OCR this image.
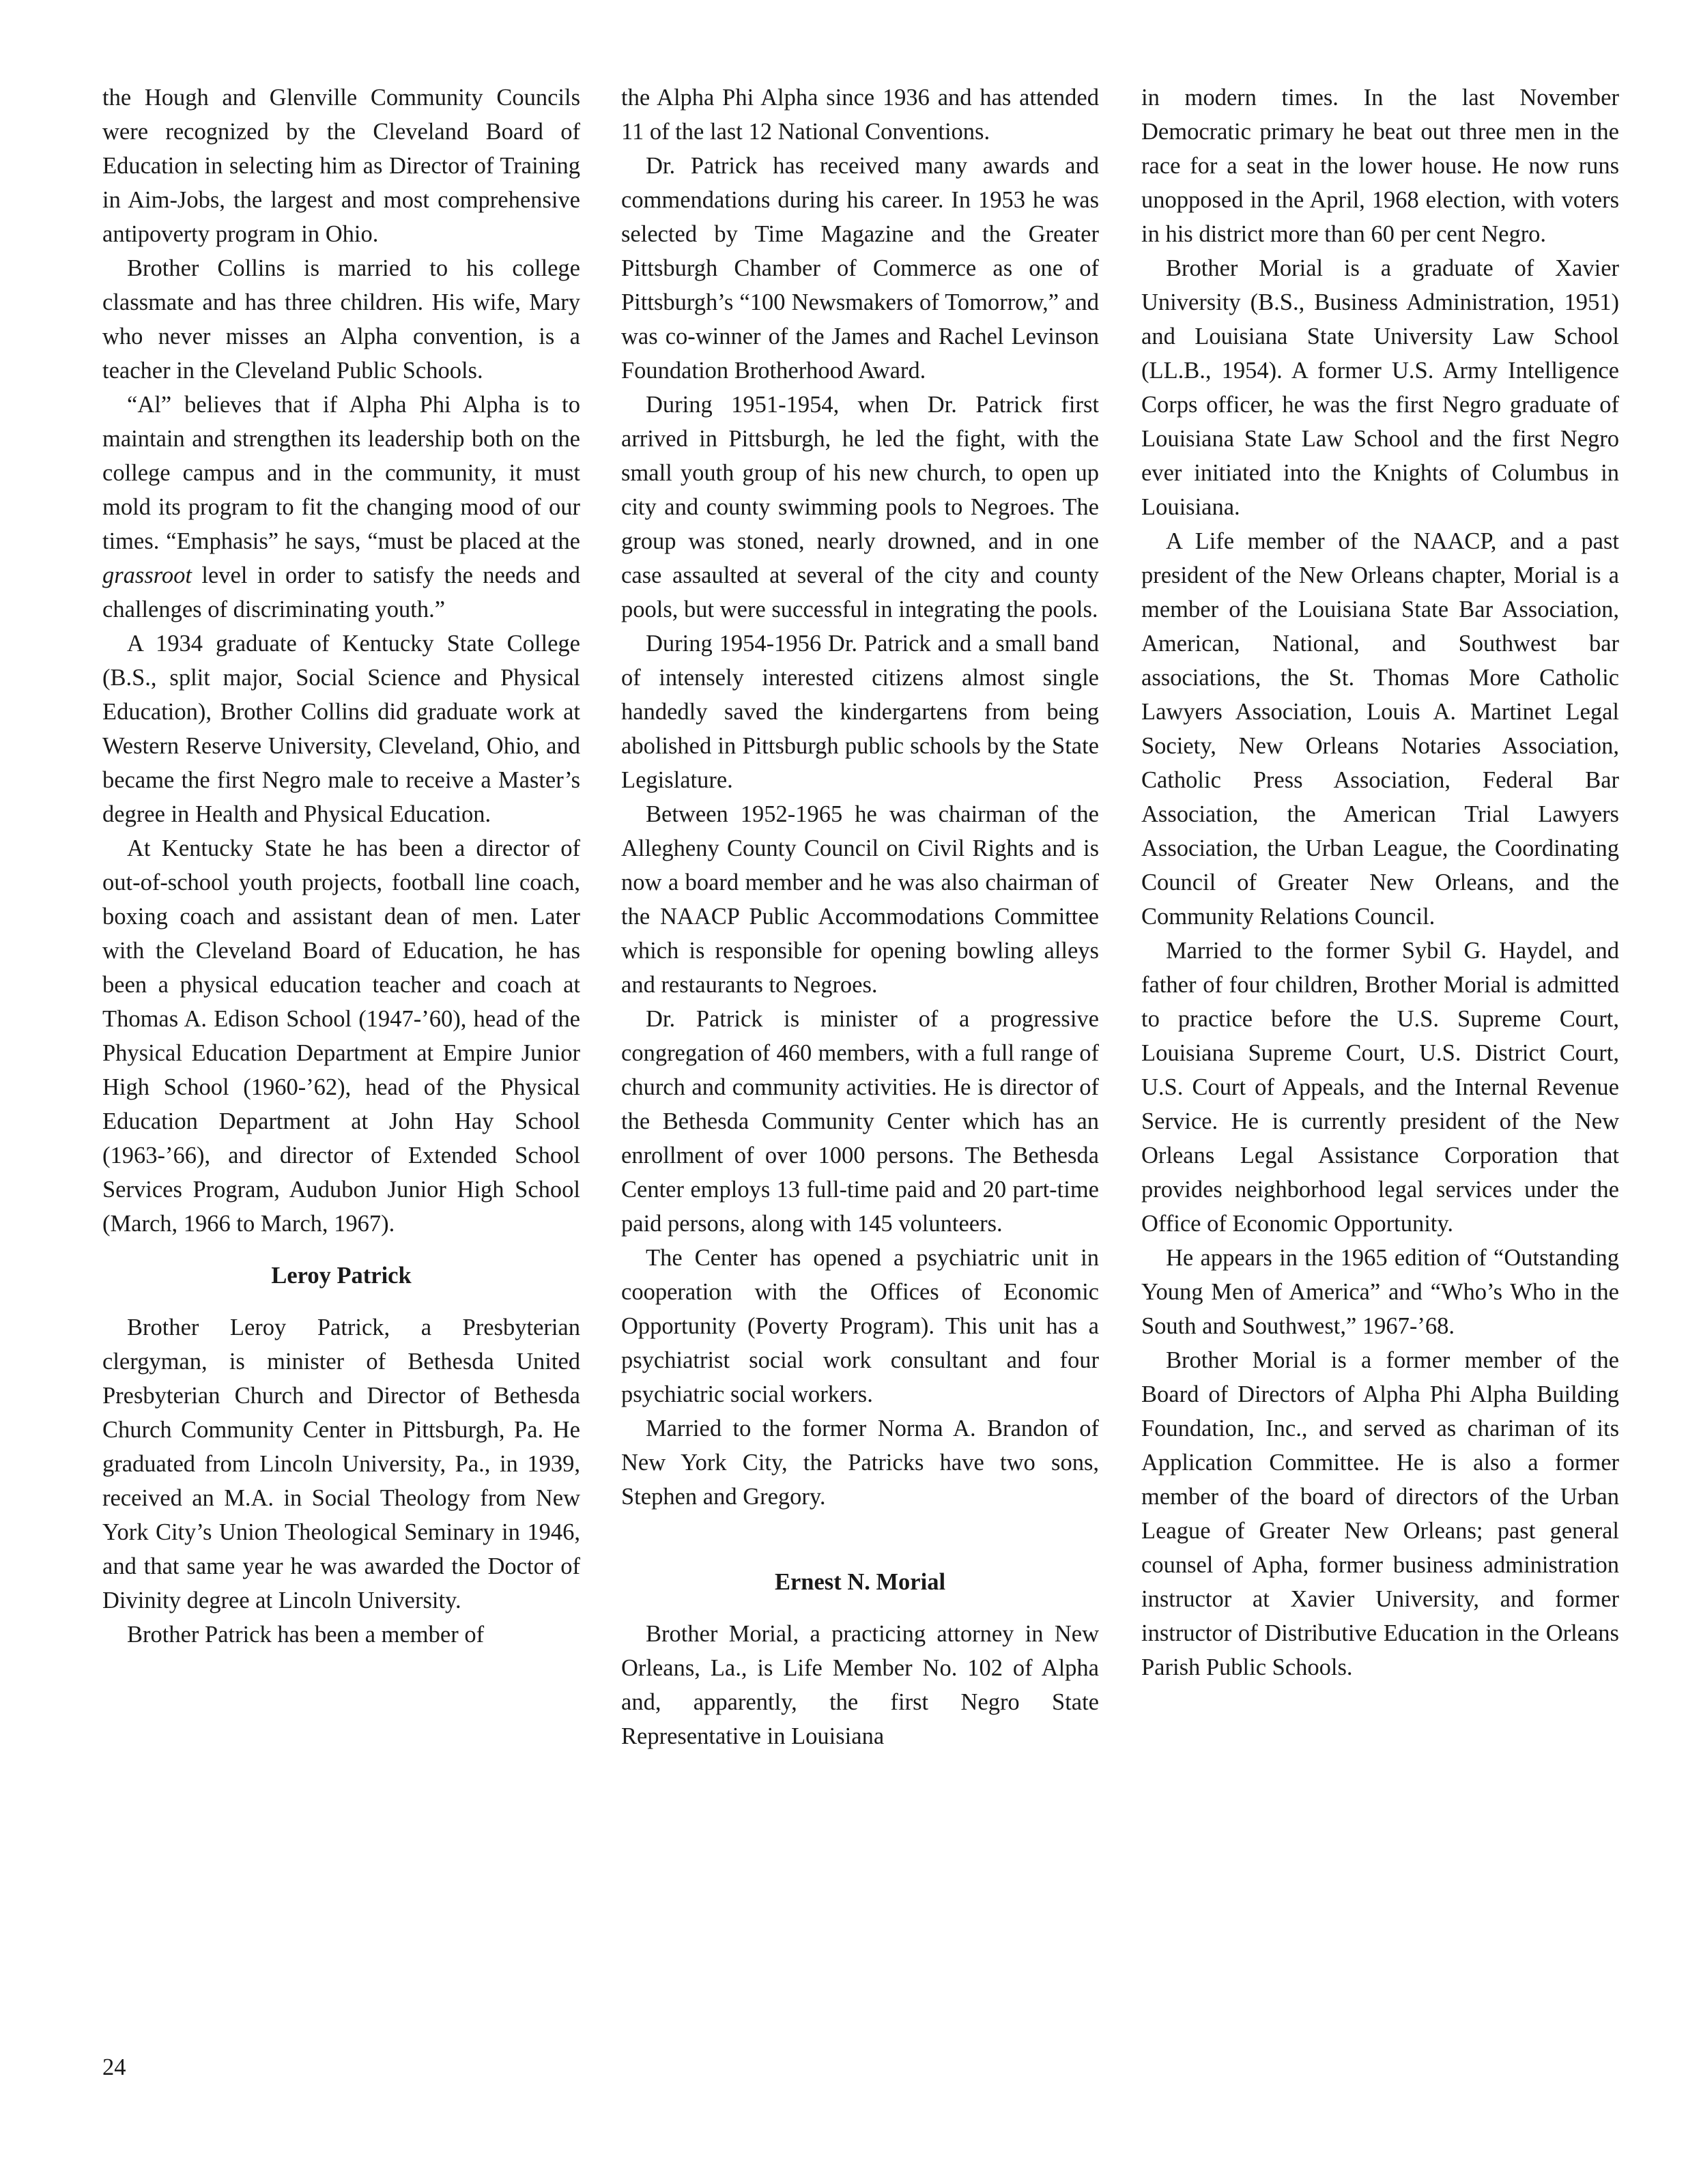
the Hough and Glenville Community Councils were recognized by the Cleveland Board of Education in selecting him as Director of Training in Aim-Jobs, the largest and most comprehensive antipoverty program in Ohio.

Brother Collins is married to his college classmate and has three children. His wife, Mary who never misses an Alpha convention, is a teacher in the Cleveland Public Schools.

“Al” believes that if Alpha Phi Alpha is to maintain and strengthen its leadership both on the college campus and in the community, it must mold its program to fit the changing mood of our times. “Emphasis” he says, “must be placed at the grassroot level in order to satisfy the needs and challenges of discriminating youth.”

A 1934 graduate of Kentucky State College (B.S., split major, Social Science and Physical Education), Brother Collins did graduate work at Western Reserve University, Cleveland, Ohio, and became the first Negro male to receive a Master’s degree in Health and Physical Education.

At Kentucky State he has been a director of out-of-school youth projects, football line coach, boxing coach and assistant dean of men. Later with the Cleveland Board of Education, he has been a physical education teacher and coach at Thomas A. Edison School (1947-’60), head of the Physical Education Department at Empire Junior High School (1960-’62), head of the Physical Education Department at John Hay School (1963-’66), and director of Extended School Services Program, Audubon Junior High School (March, 1966 to March, 1967).

Leroy Patrick

Brother Leroy Patrick, a Presbyterian clergyman, is minister of Bethesda United Presbyterian Church and Director of Bethesda Church Community Center in Pittsburgh, Pa. He graduated from Lincoln University, Pa., in 1939, received an M.A. in Social Theology from New York City’s Union Theological Seminary in 1946, and that same year he was awarded the Doctor of Divinity degree at Lincoln University.

Brother Patrick has been a member of

the Alpha Phi Alpha since 1936 and has attended 11 of the last 12 National Conventions.

Dr. Patrick has received many awards and commendations during his career. In 1953 he was selected by Time Magazine and the Greater Pittsburgh Chamber of Commerce as one of Pittsburgh’s “100 Newsmakers of Tomorrow,” and was co-winner of the James and Rachel Levinson Foundation Brotherhood Award.

During 1951-1954, when Dr. Patrick first arrived in Pittsburgh, he led the fight, with the small youth group of his new church, to open up city and county swimming pools to Negroes. The group was stoned, nearly drowned, and in one case assaulted at several of the city and county pools, but were successful in integrating the pools.

During 1954-1956 Dr. Patrick and a small band of intensely interested citizens almost single handedly saved the kindergartens from being abolished in Pittsburgh public schools by the State Legislature.

Between 1952-1965 he was chairman of the Allegheny County Council on Civil Rights and is now a board member and he was also chairman of the NAACP Public Accommodations Committee which is responsible for opening bowling alleys and restaurants to Negroes.

Dr. Patrick is minister of a progressive congregation of 460 members, with a full range of church and community activities. He is director of the Bethesda Community Center which has an enrollment of over 1000 persons. The Bethesda Center employs 13 full-time paid and 20 part-time paid persons, along with 145 volunteers.

The Center has opened a psychiatric unit in cooperation with the Offices of Economic Opportunity (Poverty Program). This unit has a psychiatrist social work consultant and four psychiatric social workers.

Married to the former Norma A. Brandon of New York City, the Patricks have two sons, Stephen and Gregory.

Ernest N. Morial

Brother Morial, a practicing attorney in New Orleans, La., is Life Member No. 102 of Alpha and, apparently, the first Negro State Representative in Louisiana

in modern times. In the last November Democratic primary he beat out three men in the race for a seat in the lower house. He now runs unopposed in the April, 1968 election, with voters in his district more than 60 per cent Negro.

Brother Morial is a graduate of Xavier University (B.S., Business Administration, 1951) and Louisiana State University Law School (LL.B., 1954). A former U.S. Army Intelligence Corps officer, he was the first Negro graduate of Louisiana State Law School and the first Negro ever initiated into the Knights of Columbus in Louisiana.

A Life member of the NAACP, and a past president of the New Orleans chapter, Morial is a member of the Louisiana State Bar Association, American, National, and Southwest bar associations, the St. Thomas More Catholic Lawyers Association, Louis A. Martinet Legal Society, New Orleans Notaries Association, Catholic Press Association, Federal Bar Association, the American Trial Lawyers Association, the Urban League, the Coordinating Council of Greater New Orleans, and the Community Relations Council.

Married to the former Sybil G. Haydel, and father of four children, Brother Morial is admitted to practice before the U.S. Supreme Court, Louisiana Supreme Court, U.S. District Court, U.S. Court of Appeals, and the Internal Revenue Service. He is currently president of the New Orleans Legal Assistance Corporation that provides neighborhood legal services under the Office of Economic Opportunity.

He appears in the 1965 edition of “Outstanding Young Men of America” and “Who’s Who in the South and Southwest,” 1967-’68.

Brother Morial is a former member of the Board of Directors of Alpha Phi Alpha Building Foundation, Inc., and served as chariman of its Application Committee. He is also a former member of the board of directors of the Urban League of Greater New Orleans; past general counsel of Apha, former business administration instructor at Xavier University, and former instructor of Distributive Education in the Orleans Parish Public Schools.

24
